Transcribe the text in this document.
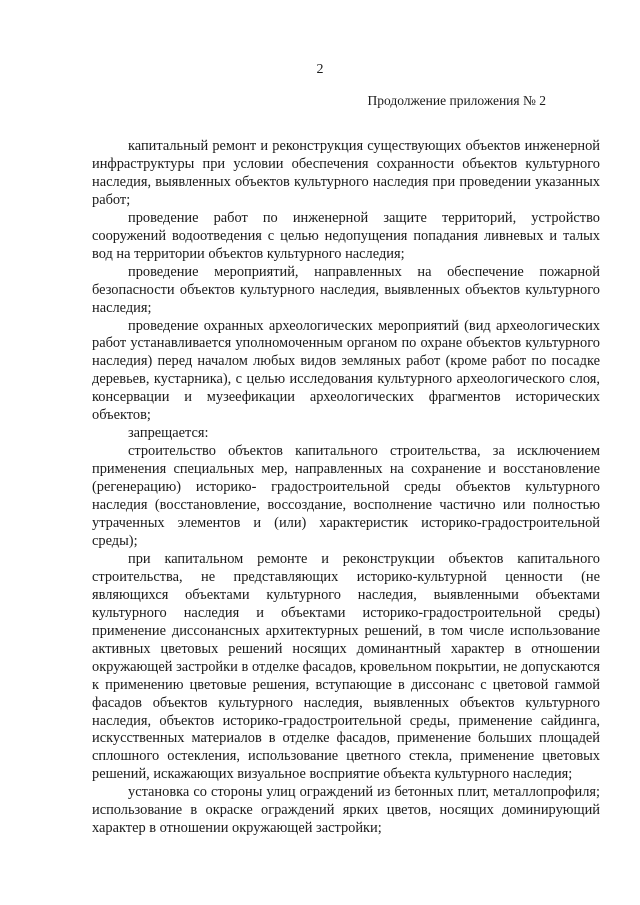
2
Продолжение приложения № 2

капитальный ремонт и реконструкция существующих объектов инженерной инфраструктуры при условии обеспечения сохранности объектов культурного наследия, выявленных объектов культурного наследия при проведении указанных работ;

проведение работ по инженерной защите территорий, устройство сооружений водоотведения с целью недопущения попадания ливневых и талых вод на территории объектов культурного наследия;

проведение мероприятий, направленных на обеспечение пожарной безопасности объектов культурного наследия, выявленных объектов культурного наследия;

проведение охранных археологических мероприятий (вид археологических работ устанавливается уполномоченным органом по охране объектов культурного наследия) перед началом любых видов земляных работ (кроме работ по посадке деревьев, кустарника), с целью исследования культурного археологического слоя, консервации и музеефикации археологических фрагментов исторических объектов;

запрещается:

строительство объектов капитального строительства, за исключением применения специальных мер, направленных на сохранение и восстановление (регенерацию) историко- градостроительной среды объектов культурного наследия (восстановление, воссоздание, восполнение частично или полностью утраченных элементов и (или) характеристик историко-градостроительной среды);

при капитальном ремонте и реконструкции объектов капитального строительства, не представляющих историко-культурной ценности (не являющихся объектами культурного наследия, выявленными объектами культурного наследия и объектами историко-градостроительной среды) применение диссонансных архитектурных решений, в том числе использование активных цветовых решений носящих доминантный характер в отношении окружающей застройки в отделке фасадов, кровельном покрытии, не допускаются к применению цветовые решения, вступающие в диссонанс с цветовой гаммой фасадов объектов культурного наследия, выявленных объектов культурного наследия, объектов историко-градостроительной среды, применение сайдинга, искусственных материалов в отделке фасадов, применение больших площадей сплошного остекления, использование цветного стекла, применение цветовых решений, искажающих визуальное восприятие объекта культурного наследия;

установка со стороны улиц ограждений из бетонных плит, металлопрофиля; использование в окраске ограждений ярких цветов, носящих доминирующий характер в отношении окружающей застройки;
